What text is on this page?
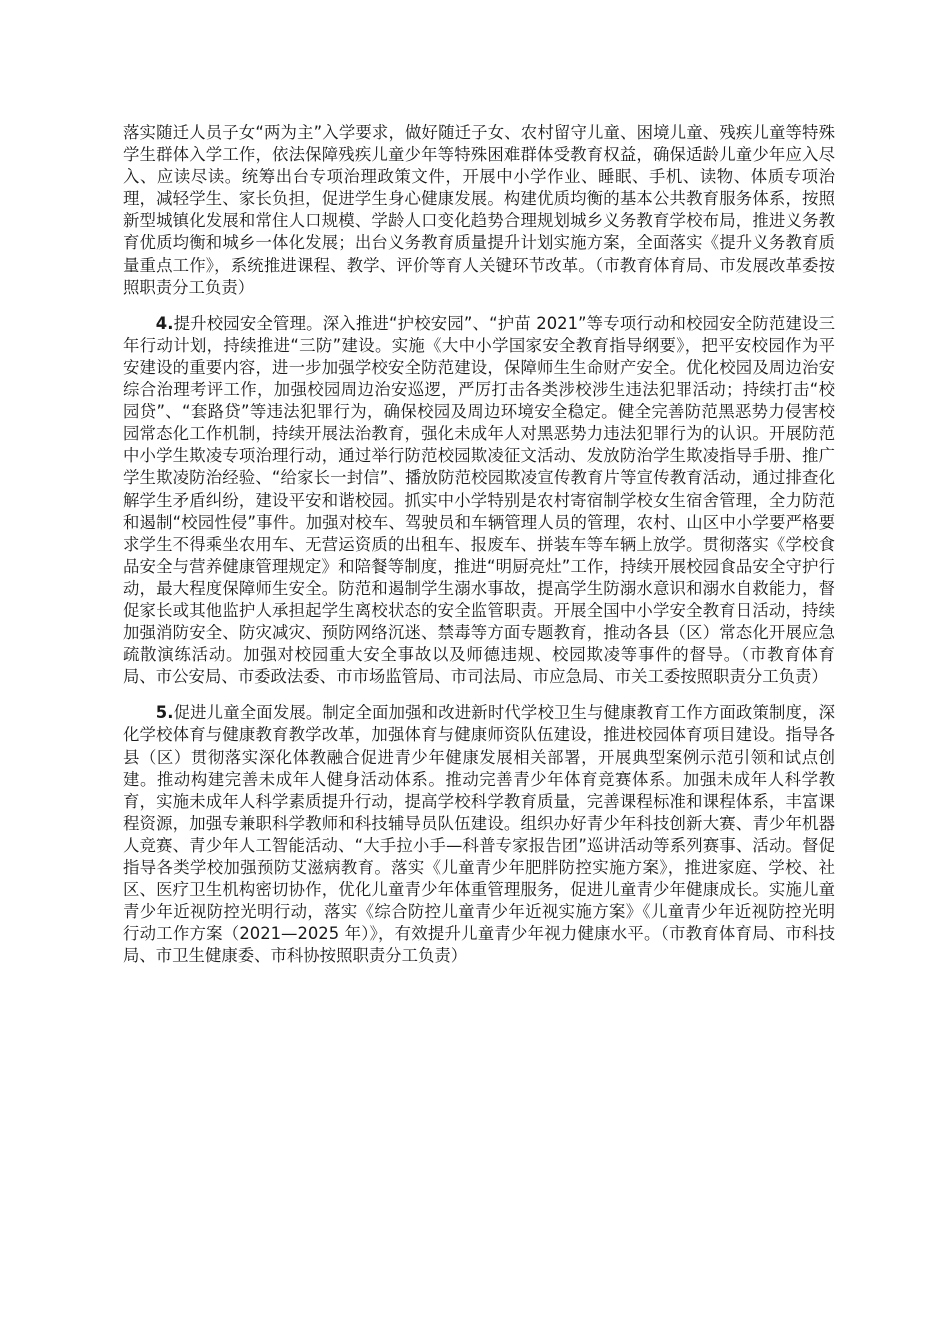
落实随迁人员子女“两为主”入学要求，做好随迁子女、农村留守儿童、困境儿童、残疾儿童等特殊学生群体入学工作，依法保障残疾儿童少年等特殊困难群体受教育权益，确保适龄儿童少年应入尽入、应读尽读。统筹出台专项治理政策文件，开展中小学作业、睡眠、手机、读物、体质专项治理，减轻学生、家长负担，促进学生身心健康发展。构建优质均衡的基本公共教育服务体系，按照新型城镇化发展和常住人口规模、学龄人口变化趋势合理规划城乡义务教育学校布局，推进义务教育优质均衡和城乡一体化发展；出台义务教育质量提升计划实施方案，全面落实《提升义务教育质量重点工作》，系统推进课程、教学、评价等育人关键环节改革。（市教育体育局、市发展改革委按照职责分工负责）

4.提升校园安全管理。深入推进“护校安园”、“护苗 2021”等专项行动和校园安全防范建设三年行动计划，持续推进“三防”建设。实施《大中小学国家安全教育指导纲要》，把平安校园作为平安建设的重要内容，进一步加强学校安全防范建设，保障师生生命财产安全。优化校园及周边治安综合治理考评工作，加强校园周边治安巡逻，严厉打击各类涉校涉生违法犯罪活动；持续打击“校园贷”、“套路贷”等违法犯罪行为，确保校园及周边环境安全稳定。健全完善防范黑恶势力侵害校园常态化工作机制，持续开展法治教育，强化未成年人对黑恶势力违法犯罪行为的认识。开展防范中小学生欺凌专项治理行动，通过举行防范校园欺凌征文活动、发放防治学生欺凌指导手册、推广学生欺凌防治经验、“给家长一封信”、播放防范校园欺凌宣传教育片等宣传教育活动，通过排查化解学生矛盾纠纷，建设平安和谐校园。抓实中小学特别是农村寄宿制学校女生宿舍管理，全力防范和遏制“校园性侵”事件。加强对校车、驾驶员和车辆管理人员的管理，农村、山区中小学要严格要求学生不得乘坐农用车、无营运资质的出租车、报废车、拼装车等车辆上放学。贯彻落实《学校食品安全与营养健康管理规定》和陪餐等制度，推进“明厨亮灶”工作，持续开展校园食品安全守护行动，最大程度保障师生安全。防范和遏制学生溺水事故，提高学生防溺水意识和溺水自救能力，督促家长或其他监护人承担起学生离校状态的安全监管职责。开展全国中小学安全教育日活动，持续加强消防安全、防灾减灾、预防网络沉迷、禁毒等方面专题教育，推动各县（区）常态化开展应急疏散演练活动。加强对校园重大安全事故以及师德违规、校园欺凌等事件的督导。（市教育体育局、市公安局、市委政法委、市市场监管局、市司法局、市应急局、市关工委按照职责分工负责）

5.促进儿童全面发展。制定全面加强和改进新时代学校卫生与健康教育工作方面政策制度，深化学校体育与健康教育教学改革，加强体育与健康师资队伍建设，推进校园体育项目建设。指导各县（区）贯彻落实深化体教融合促进青少年健康发展相关部署，开展典型案例示范引领和试点创建。推动构建完善未成年人健身活动体系。推动完善青少年体育竞赛体系。加强未成年人科学教育，实施未成年人科学素质提升行动，提高学校科学教育质量，完善课程标准和课程体系，丰富课程资源，加强专兼职科学教师和科技辅导员队伍建设。组织办好青少年科技创新大赛、青少年机器人竞赛、青少年人工智能活动、“大手拉小手—科普专家报告团”巡讲活动等系列赛事、活动。督促指导各类学校加强预防艾滋病教育。落实《儿童青少年肥胖防控实施方案》，推进家庭、学校、社区、医疗卫生机构密切协作，优化儿童青少年体重管理服务，促进儿童青少年健康成长。实施儿童青少年近视防控光明行动，落实《综合防控儿童青少年近视实施方案》《儿童青少年近视防控光明行动工作方案（2021—2025 年）》，有效提升儿童青少年视力健康水平。（市教育体育局、市科技局、市卫生健康委、市科协按照职责分工负责）
